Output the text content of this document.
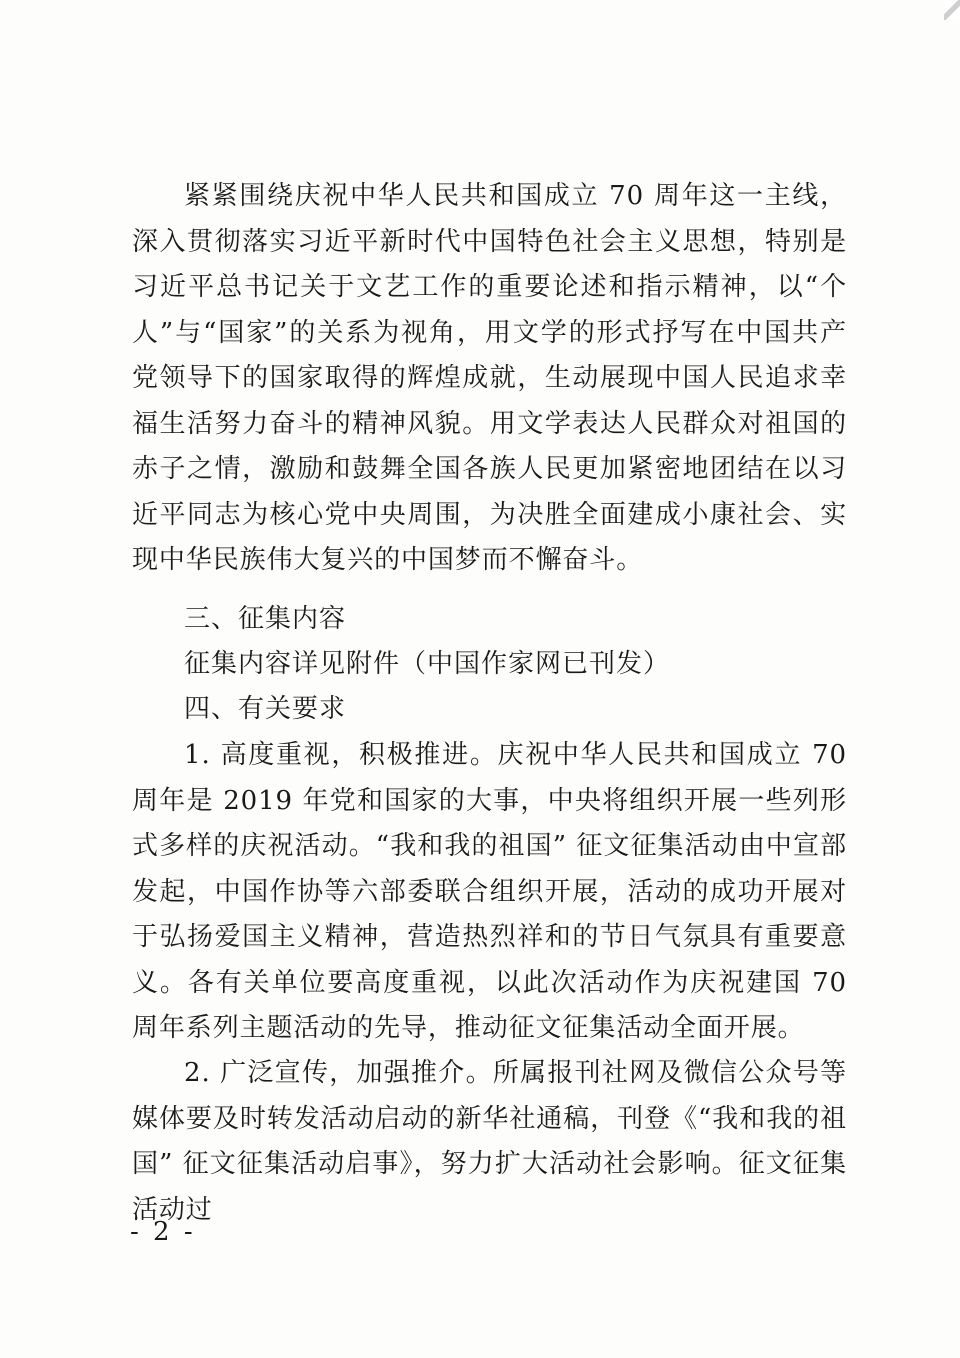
紧紧围绕庆祝中华人民共和国成立 70 周年这一主线，深入贯彻落实习近平新时代中国特色社会主义思想，特别是习近平总书记关于文艺工作的重要论述和指示精神，以“个人”与“国家”的关系为视角，用文学的形式抒写在中国共产党领导下的国家取得的辉煌成就，生动展现中国人民追求幸福生活努力奋斗的精神风貌。用文学表达人民群众对祖国的赤子之情，激励和鼓舞全国各族人民更加紧密地团结在以习近平同志为核心党中央周围，为决胜全面建成小康社会、实现中华民族伟大复兴的中国梦而不懈奋斗。

三、征集内容

征集内容详见附件（中国作家网已刊发）

四、有关要求

1. 高度重视，积极推进。庆祝中华人民共和国成立 70 周年是 2019 年党和国家的大事，中央将组织开展一些列形式多样的庆祝活动。“我和我的祖国” 征文征集活动由中宣部发起，中国作协等六部委联合组织开展，活动的成功开展对于弘扬爱国主义精神，营造热烈祥和的节日气氛具有重要意义。各有关单位要高度重视，以此次活动作为庆祝建国 70 周年系列主题活动的先导，推动征文征集活动全面开展。

2. 广泛宣传，加强推介。所属报刊社网及微信公众号等媒体要及时转发活动启动的新华社通稿，刊登《“我和我的祖国” 征文征集活动启事》，努力扩大活动社会影响。征文征集活动过

- 2 -
